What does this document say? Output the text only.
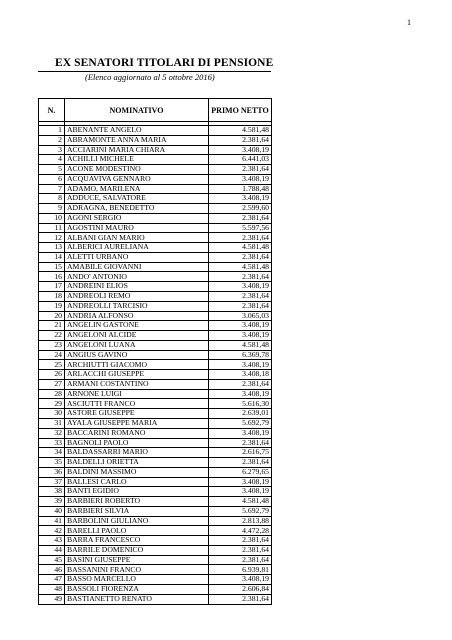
1
EX SENATORI TITOLARI DI PENSIONE
(Elenco aggiornato al 5 ottobre 2016)
N.	NOMINATIVO	PRIMO NETTO

1	ABENANTE ANGELO	4.581,48
2	ABRAMONTE ANNA MARIA	2.381,64
3	ACCIARINI MARIA CHIARA	3.408,19
4	ACHILLI MICHELE	6.441,03
5	ACONE MODESTINO	2.381,64
6	ACQUAVIVA GENNARO	3.408,19
7	ADAMO, MARILENA	1.788,48
8	ADDUCE, SALVATORE	3.408,19
9	ADRAGNA, BENEDETTO	2.599,60
10	AGONI SERGIO	2.381,64
11	AGOSTINI MAURO	5.597,56
12	ALBANI GIAN MARIO	2.381,64
13	ALBERICI AURELIANA	4.581,48
14	ALETTI URBANO	2.381,64
15	AMABILE GIOVANNI	4.581,48
16	ANDO' ANTONIO	2.381,64
17	ANDREINI ELIOS	3.408,19
18	ANDREOLI REMO	2.381,64
19	ANDREOLLI TARCISIO	2.381,64
20	ANDRIA ALFONSO	3.065,03
21	ANGELIN GASTONE	3.408,19
22	ANGELONI ALCIDE	3.408,19
23	ANGELONI LUANA	4.581,48
24	ANGIUS GAVINO	6.369,78
25	ARCHIUTTI GIACOMO	3.408,19
26	ARLACCHI GIUSEPPE	3.408,18
27	ARMANI COSTANTINO	2.381,64
28	ARNONE LUIGI	3.408,19
29	ASCIUTTI FRANCO	5.616,30
30	ASTORE GIUSEPPE	2.639,01
31	AYALA GIUSEPPE MARIA	5.692,79
32	BACCARINI ROMANO	3.408,19
33	BAGNOLI PAOLO	2.381,64
34	BALDASSARRI MARIO	2.616,75
35	BALDELLI ORIETTA	2.381,64
36	BALDINI MASSIMO	6.279,65
37	BALLESI CARLO	3.408,19
38	BANTI EGIDIO	3.408,19
39	BARBIERI ROBERTO	4.581,48
40	BARBIERI SILVIA	5.692,79
41	BARBOLINI GIULIANO	2.813,88
42	BARELLI PAOLO	4.472,28
43	BARRA FRANCESCO	2.381,64
44	BARRILE DOMENICO	2.381,64
45	BASINI GIUSEPPE	2.381,64
46	BASSANINI FRANCO	6.939,81
47	BASSO MARCELLO	3.408,19
48	BASSOLI FIORENZA	2.606,84
49	BASTIANETTO RENATO	2.381,64
